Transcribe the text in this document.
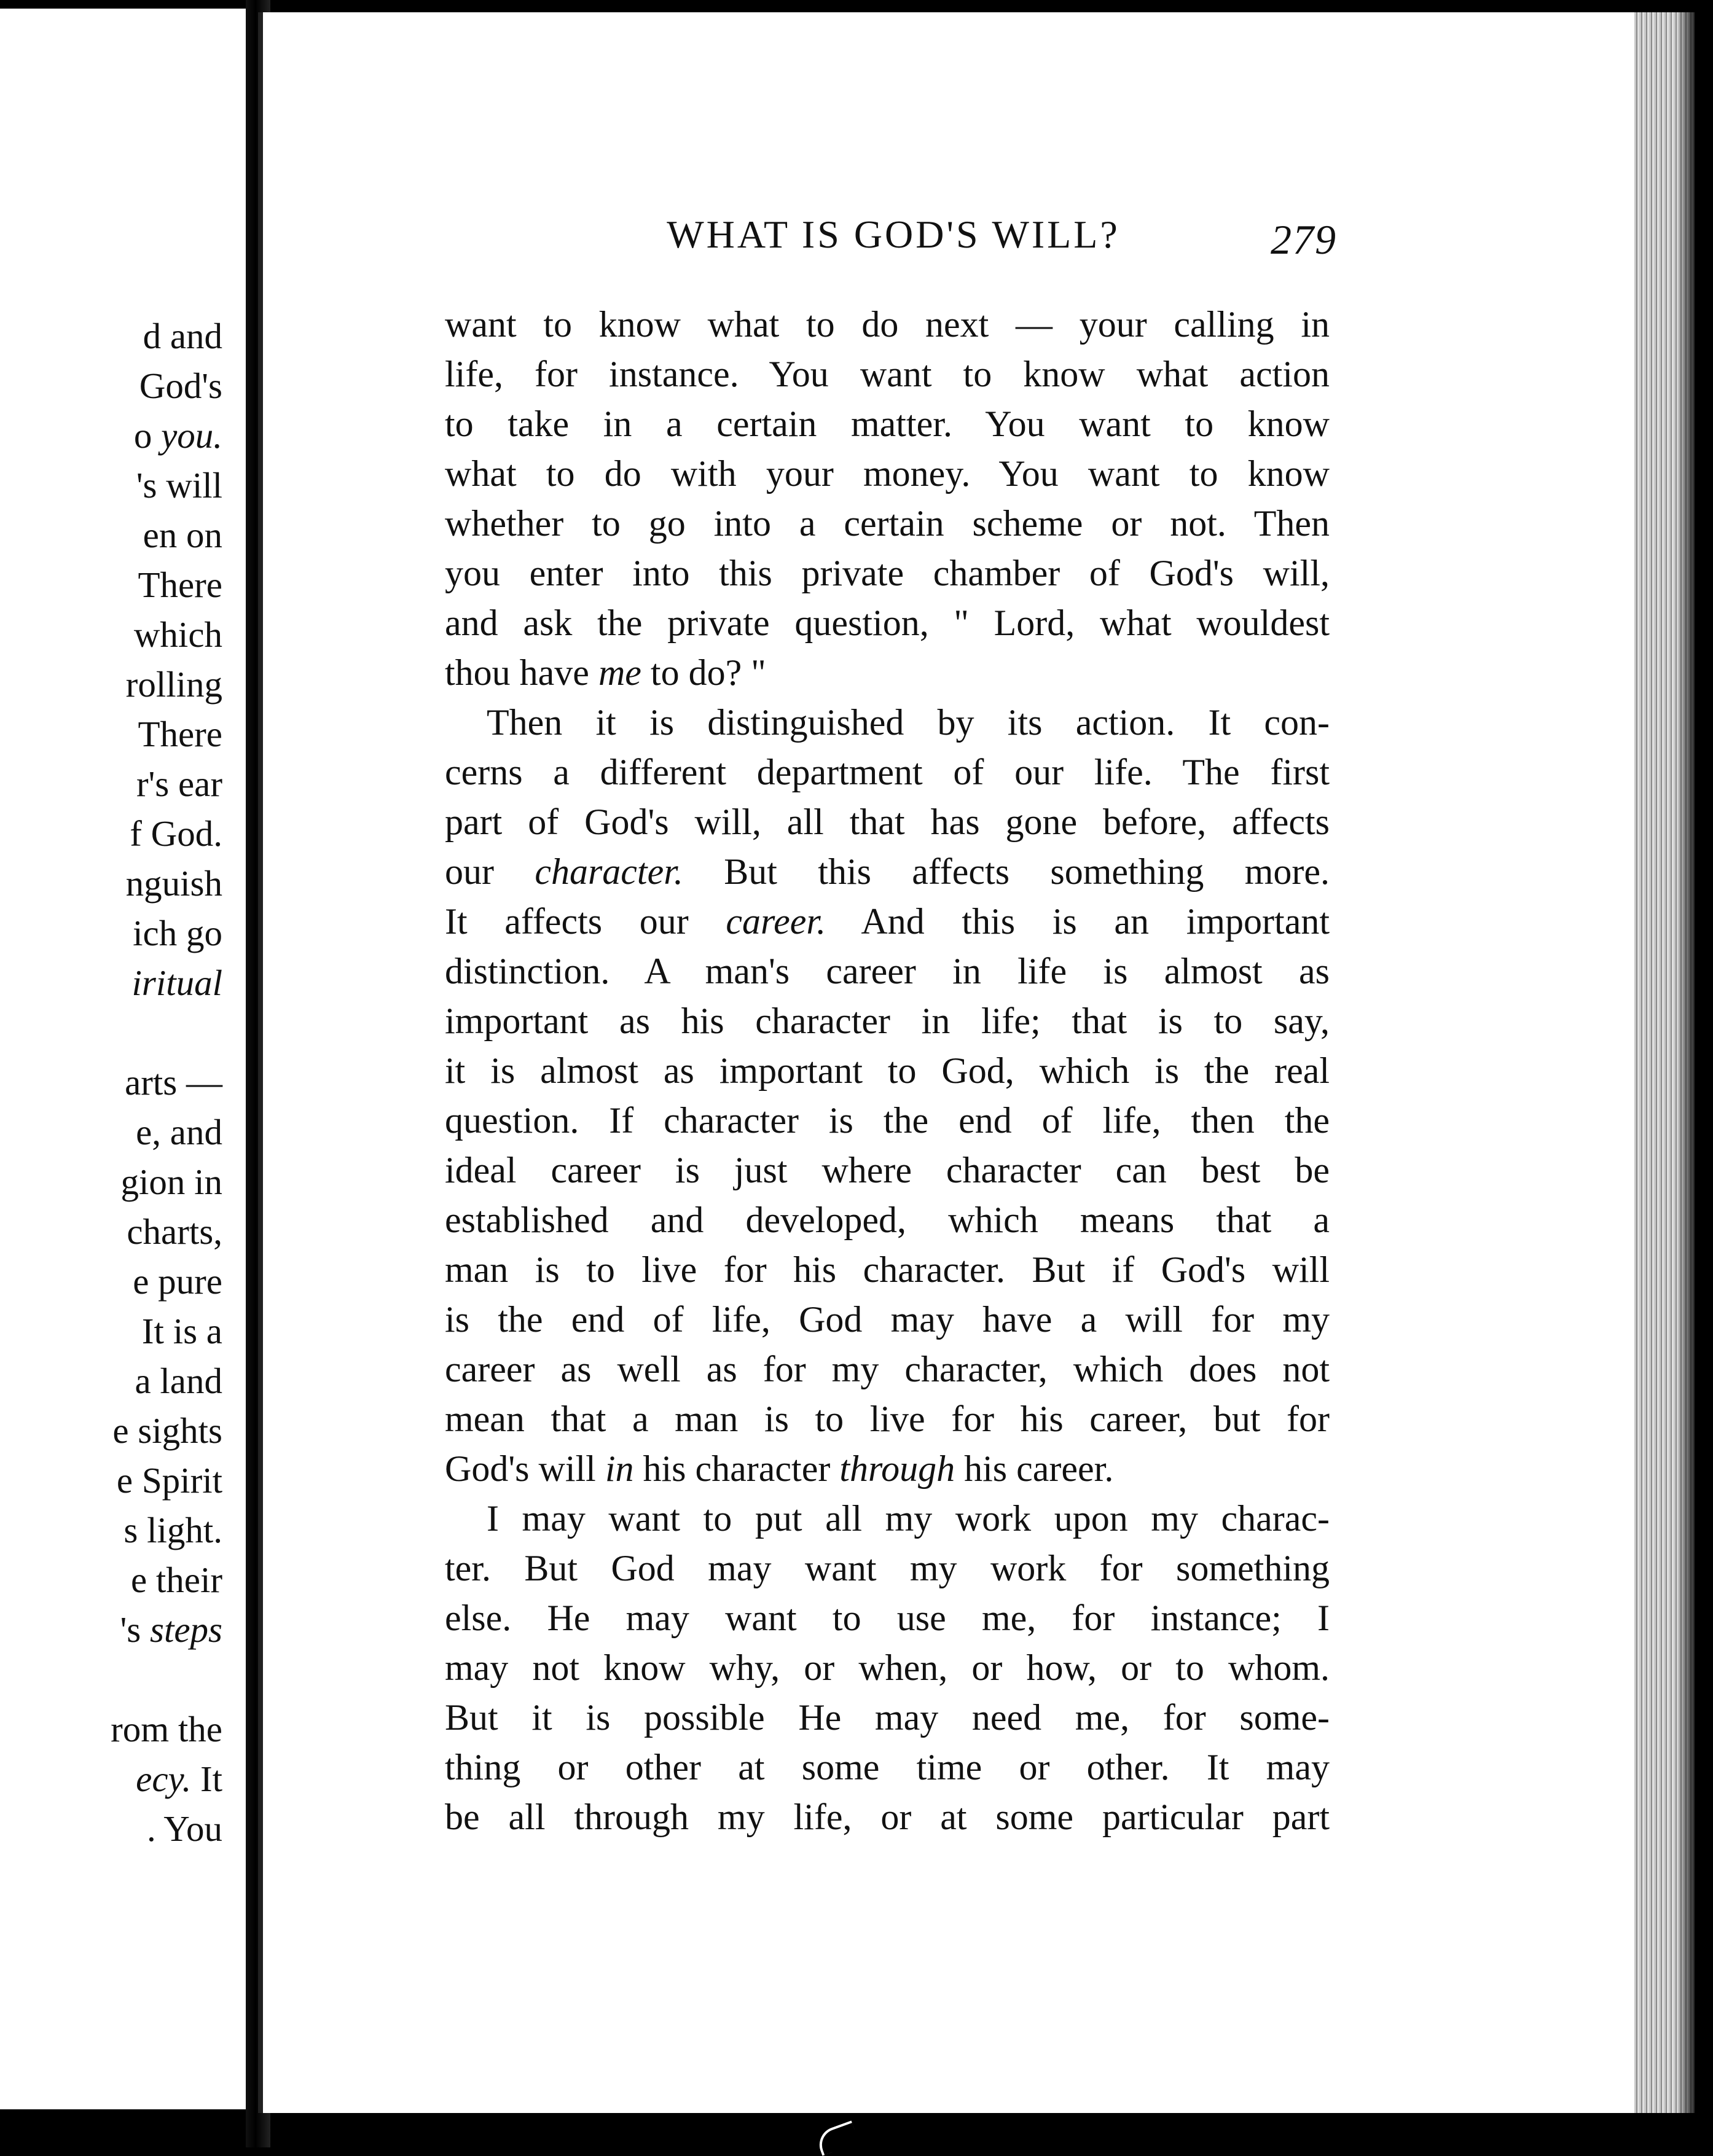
d and
God's
o you.
's will
en on
There
which
rolling
There
r's ear
f God.
nguish
ich go
iritual
arts —
e, and
gion in
charts,
e pure
It is a
a land
e sights
e Spirit
s light.
e their
's steps
rom the
ecy. It
. You
WHAT IS GOD'S WILL?	279
want to know what to do next — your calling in
life, for instance. You want to know what action
to take in a certain matter. You want to know
what to do with your money. You want to know
whether to go into a certain scheme or not. Then
you enter into this private chamber of God's will,
and ask the private question, " Lord, what wouldest
thou have me to do? "
Then it is distinguished by its action. It con-
cerns a different department of our life. The first
part of God's will, all that has gone before, affects
our character. But this affects something more.
It affects our career. And this is an important
distinction. A man's career in life is almost as
important as his character in life; that is to say,
it is almost as important to God, which is the real
question. If character is the end of life, then the
ideal career is just where character can best be
established and developed, which means that a
man is to live for his character. But if God's will
is the end of life, God may have a will for my
career as well as for my character, which does not
mean that a man is to live for his career, but for
God's will in his character through his career.
I may want to put all my work upon my charac-
ter. But God may want my work for something
else. He may want to use me, for instance; I
may not know why, or when, or how, or to whom.
But it is possible He may need me, for some-
thing or other at some time or other. It may
be all through my life, or at some particular part
